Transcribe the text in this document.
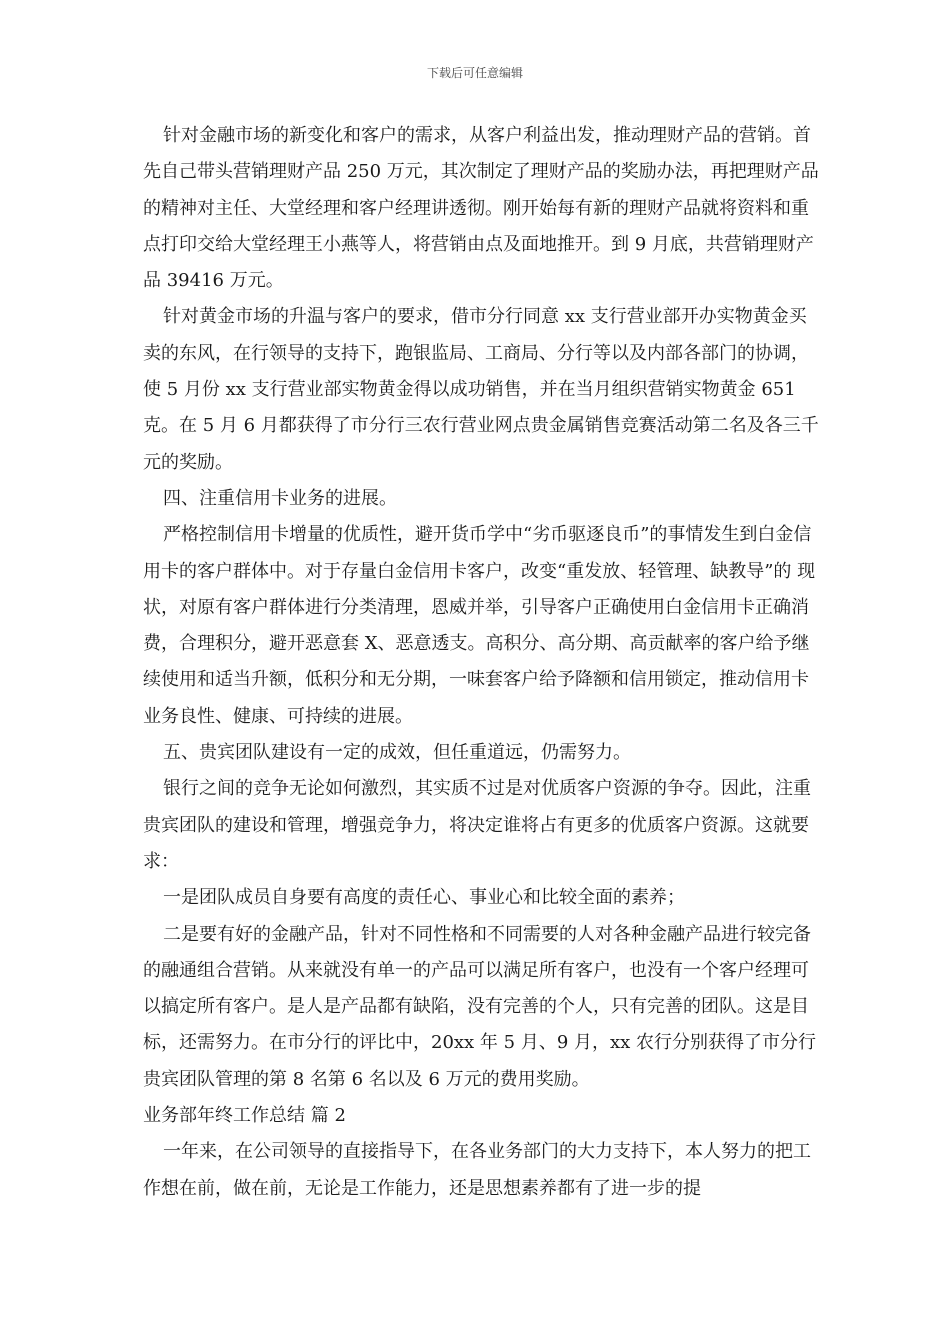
下载后可任意编辑

针对金融市场的新变化和客户的需求，从客户利益出发，推动理财产品的营销。首先自己带头营销理财产品 250 万元，其次制定了理财产品的奖励办法，再把理财产品的精神对主任、大堂经理和客户经理讲透彻。刚开始每有新的理财产品就将资料和重点打印交给大堂经理王小燕等人，将营销由点及面地推开。到 9 月底，共营销理财产品 39416 万元。

针对黄金市场的升温与客户的要求，借市分行同意 xx 支行营业部开办实物黄金买卖的东风，在行领导的支持下，跑银监局、工商局、分行等以及内部各部门的协调，使 5 月份 xx 支行营业部实物黄金得以成功销售，并在当月组织营销实物黄金 651 克。在 5 月 6 月都获得了市分行三农行营业网点贵金属销售竞赛活动第二名及各三千元的奖励。

四、注重信用卡业务的进展。

严格控制信用卡增量的优质性，避开货币学中“劣币驱逐良币”的事情发生到白金信用卡的客户群体中。对于存量白金信用卡客户，改变“重发放、轻管理、缺教导”的 现状，对原有客户群体进行分类清理，恩威并举，引导客户正确使用白金信用卡正确消费，合理积分，避开恶意套 X、恶意透支。高积分、高分期、高贡献率的客户给予继续使用和适当升额，低积分和无分期，一味套客户给予降额和信用锁定，推动信用卡业务良性、健康、可持续的进展。

五、贵宾团队建设有一定的成效，但任重道远，仍需努力。

银行之间的竞争无论如何激烈，其实质不过是对优质客户资源的争夺。因此，注重贵宾团队的建设和管理，增强竞争力，将决定谁将占有更多的优质客户资源。这就要求：

一是团队成员自身要有高度的责任心、事业心和比较全面的素养；

二是要有好的金融产品，针对不同性格和不同需要的人对各种金融产品进行较完备的融通组合营销。从来就没有单一的产品可以满足所有客户，也没有一个客户经理可以搞定所有客户。是人是产品都有缺陷，没有完善的个人，只有完善的团队。这是目标，还需努力。在市分行的评比中，20xx 年 5 月、9 月，xx 农行分别获得了市分行贵宾团队管理的第 8 名第 6 名以及 6 万元的费用奖励。

业务部年终工作总结 篇 2

一年来，在公司领导的直接指导下，在各业务部门的大力支持下，本人努力的把工作想在前，做在前，无论是工作能力，还是思想素养都有了进一步的提
